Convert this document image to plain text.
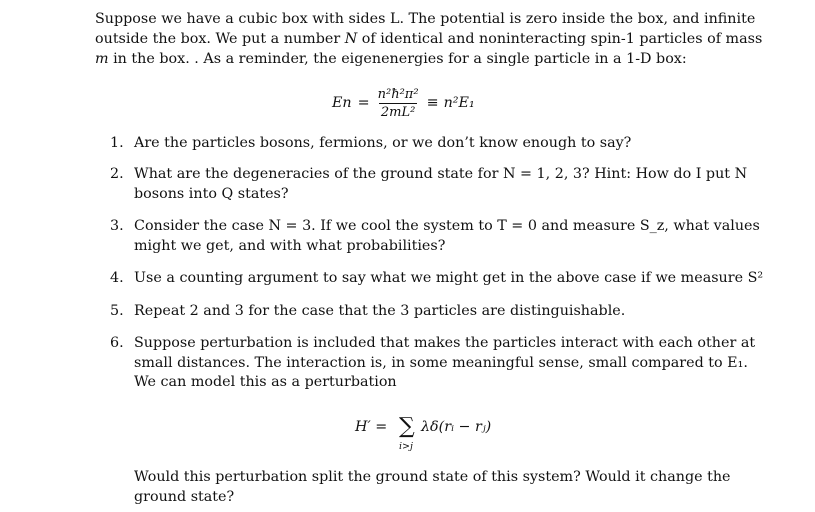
Suppose we have a cubic box with sides L. The potential is zero inside the box, and infinite
outside the box. We put a number N of identical and noninteracting spin-1 particles of mass
m in the box. . As a reminder, the eigenenergies for a single particle in a 1-D box:
$En = \frac{\text{n²ħ²π²}}{\text{2mL²}} \equiv n^2E_1$
1. Are the particles bosons, fermions, or we don’t know enough to say?
2. What are the degeneracies of the ground state for N = 1, 2, 3? Hint: How do I put N
bosons into Q states?
3. Consider the case N = 3. If we cool the system to T = 0 and measure S_z, what values
might we get, and with what probabilities?
4. Use a counting argument to say what we might get in the above case if we measure S²
5. Repeat 2 and 3 for the case that the 3 particles are distinguishable.
6. Suppose perturbation is included that makes the particles interact with each other at
small distances. The interaction is, in some meaningful sense, small compared to E₁.
We can model this as a perturbation
H′ = ∑
i>j
λδ(rᵢ − rⱼ)
Would this perturbation split the ground state of this system? Would it change the
ground state?
